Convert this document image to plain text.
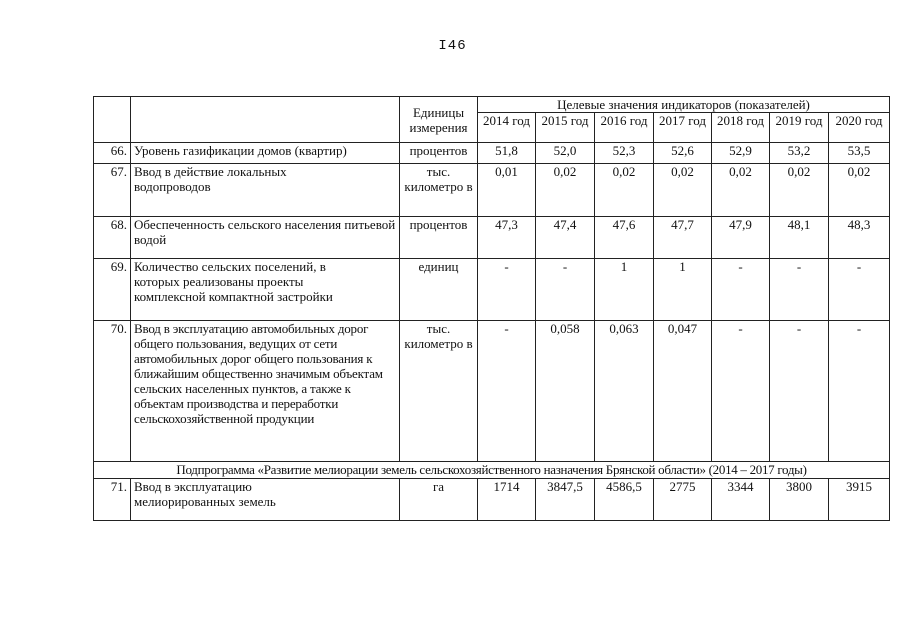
I46
		Единицы измерения	Целевые значения индикаторов (показателей)						
			2014 год	2015 год	2016 год	2017 год	2018 год	2019 год	2020 год
66.	Уровень газификации домов (квартир)	процентов	51,8	52,0	52,3	52,6	52,9	53,2	53,5
67.	Ввод в действие локальных водопроводов	тыс. километро в	0,01	0,02	0,02	0,02	0,02	0,02	0,02
68.	Обеспеченность сельского населения питьевой водой	процентов	47,3	47,4	47,6	47,7	47,9	48,1	48,3
69.	Количество сельских поселений, в которых реализованы проекты комплексной компактной застройки	единиц	-	-	1	1	-	-	-
70.	Ввод в эксплуатацию автомобильных дорог общего пользования, ведущих от сети автомобильных дорог общего пользования к ближайшим общественно значимым объектам сельских населенных пунктов, а также к объектам производства и переработки сельскохозяйственной продукции	тыс. километро в	-	0,058	0,063	0,047	-	-	-
Подпрограмма «Развитие мелиорации земель сельскохозяйственного назначения Брянской области» (2014 – 2017 годы)									
71.	Ввод в эксплуатацию мелиорированных земель	га	1714	3847,5	4586,5	2775	3344	3800	3915
